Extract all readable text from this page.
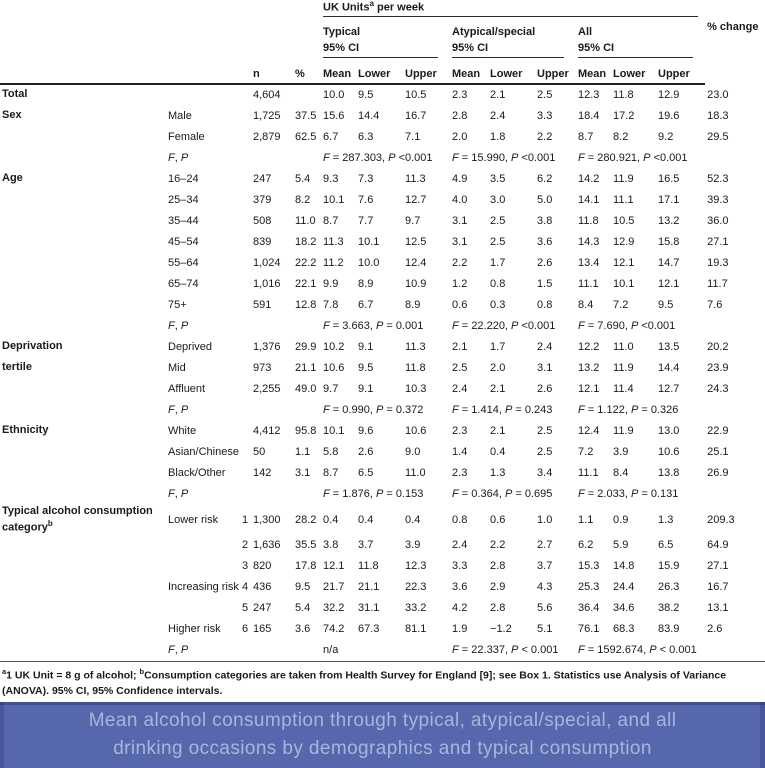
					UK Units$^a$ per week									

					Typical			Atypical/special			All			% change

					95% CI			95% CI			95% CI			

			n	%	Mean	Lower	Upper	Mean	Lower	Upper	Mean	Lower	Upper	
Total			4,604		10.0	9.5	10.5	2.3	2.1	2.5	12.3	11.8	12.9	23.0
Sex	Male		1,725	37.5	15.6	14.4	16.7	2.8	2.4	3.3	18.4	17.2	19.6	18.3
	Female		2,879	62.5	6.7	6.3	7.1	2.0	1.8	2.2	8.7	8.2	9.2	29.5
	F, P				F = 287.303, P <0.001			F = 15.990, P <0.001			F = 280.921, P <0.001			
Age	16–24		247	5.4	9.3	7.3	11.3	4.9	3.5	6.2	14.2	11.9	16.5	52.3
	25–34		379	8.2	10.1	7.6	12.7	4.0	3.0	5.0	14.1	11.1	17.1	39.3
	35–44		508	11.0	8.7	7.7	9.7	3.1	2.5	3.8	11.8	10.5	13.2	36.0
	45–54		839	18.2	11.3	10.1	12.5	3.1	2.5	3.6	14.3	12.9	15.8	27.1
	55–64		1,024	22.2	11.2	10.0	12.4	2.2	1.7	2.6	13.4	12.1	14.7	19.3
	65–74		1,016	22.1	9.9	8.9	10.9	1.2	0.8	1.5	11.1	10.1	12.1	11.7
	75+		591	12.8	7.8	6.7	8.9	0.6	0.3	0.8	8.4	7.2	9.5	7.6
	F, P				F = 3.663, P = 0.001			F = 22.220, P <0.001			F = 7.690, P <0.001			
Deprivation	Deprived		1,376	29.9	10.2	9.1	11.3	2.1	1.7	2.4	12.2	11.0	13.5	20.2
tertile	Mid		973	21.1	10.6	9.5	11.8	2.5	2.0	3.1	13.2	11.9	14.4	23.9
	Affluent		2,255	49.0	9.7	9.1	10.3	2.4	2.1	2.6	12.1	11.4	12.7	24.3
	F, P				F = 0.990, P = 0.372			F = 1.414, P = 0.243			F = 1.122, P = 0.326			
Ethnicity	White		4,412	95.8	10.1	9.6	10.6	2.3	2.1	2.5	12.4	11.9	13.0	22.9
	Asian/Chinese		50	1.1	5.8	2.6	9.0	1.4	0.4	2.5	7.2	3.9	10.6	25.1
	Black/Other		142	3.1	8.7	6.5	11.0	2.3	1.3	3.4	11.1	8.4	13.8	26.9
	F, P				F = 1.876, P = 0.153			F = 0.364, P = 0.695			F = 2.033, P = 0.131			
Typical alcohol consumption category$^b$	Lower risk	1	1,300	28.2	0.4	0.4	0.4	0.8	0.6	1.0	1.1	0.9	1.3	209.3
		2	1,636	35.5	3.8	3.7	3.9	2.4	2.2	2.7	6.2	5.9	6.5	64.9
		3	820	17.8	12.1	11.8	12.3	3.3	2.8	3.7	15.3	14.8	15.9	27.1
	Increasing risk	4	436	9.5	21.7	21.1	22.3	3.6	2.9	4.3	25.3	24.4	26.3	16.7
		5	247	5.4	32.2	31.1	33.2	4.2	2.8	5.6	36.4	34.6	38.2	13.1
	Higher risk	6	165	3.6	74.2	67.3	81.1	1.9	−1.2	5.1	76.1	68.3	83.9	2.6
	F, P				n/a			F = 22.337, P < 0.001			F = 1592.674, P < 0.001			
$^a$1 UK Unit = 8 g of alcohol; $^b$Consumption categories are taken from Health Survey for England [9]; see Box 1. Statistics use Analysis of Variance (ANOVA). 95% CI, 95% Confidence intervals.
Mean alcohol consumption through typical, atypical/special, and all drinking occasions by demographics and typical consumption
